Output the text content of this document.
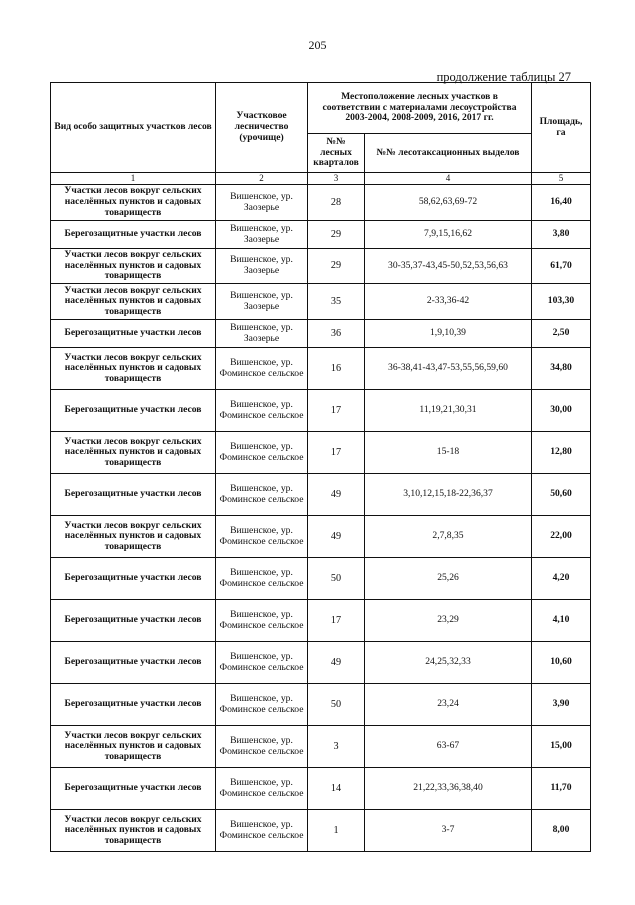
205
продолжение таблицы 27
Вид особо защитных участков лесов	Участковое лесничество (урочище)	Местоположение лесных участков в соответствии с материалами лесоустройства 2003-2004, 2008-2009, 2016, 2017 гг.		Площадь, га
		№№ лесных кварталов	№№ лесотаксационных выделов	
1	2	3	4	5
Участки лесов вокруг сельских населённых пунктов и садовых товариществ	Вишенское, ур. Заозерье	28	58,62,63,69-72	16,40
Берегозащитные участки лесов	Вишенское, ур. Заозерье	29	7,9,15,16,62	3,80
Участки лесов вокруг сельских населённых пунктов и садовых товариществ	Вишенское, ур. Заозерье	29	30-35,37-43,45-50,52,53,56,63	61,70
Участки лесов вокруг сельских населённых пунктов и садовых товариществ	Вишенское, ур. Заозерье	35	2-33,36-42	103,30
Берегозащитные участки лесов	Вишенское, ур. Заозерье	36	1,9,10,39	2,50
Участки лесов вокруг сельских населённых пунктов и садовых товариществ	Вишенское, ур. Фоминское сельское	16	36-38,41-43,47-53,55,56,59,60	34,80
Берегозащитные участки лесов	Вишенское, ур. Фоминское сельское	17	11,19,21,30,31	30,00
Участки лесов вокруг сельских населённых пунктов и садовых товариществ	Вишенское, ур. Фоминское сельское	17	15-18	12,80
Берегозащитные участки лесов	Вишенское, ур. Фоминское сельское	49	3,10,12,15,18-22,36,37	50,60
Участки лесов вокруг сельских населённых пунктов и садовых товариществ	Вишенское, ур. Фоминское сельское	49	2,7,8,35	22,00
Берегозащитные участки лесов	Вишенское, ур. Фоминское сельское	50	25,26	4,20
Берегозащитные участки лесов	Вишенское, ур. Фоминское сельское	17	23,29	4,10
Берегозащитные участки лесов	Вишенское, ур. Фоминское сельское	49	24,25,32,33	10,60
Берегозащитные участки лесов	Вишенское, ур. Фоминское сельское	50	23,24	3,90
Участки лесов вокруг сельских населённых пунктов и садовых товариществ	Вишенское, ур. Фоминское сельское	3	63-67	15,00
Берегозащитные участки лесов	Вишенское, ур. Фоминское сельское	14	21,22,33,36,38,40	11,70
Участки лесов вокруг сельских населённых пунктов и садовых товариществ	Вишенское, ур. Фоминское сельское	1	3-7	8,00
